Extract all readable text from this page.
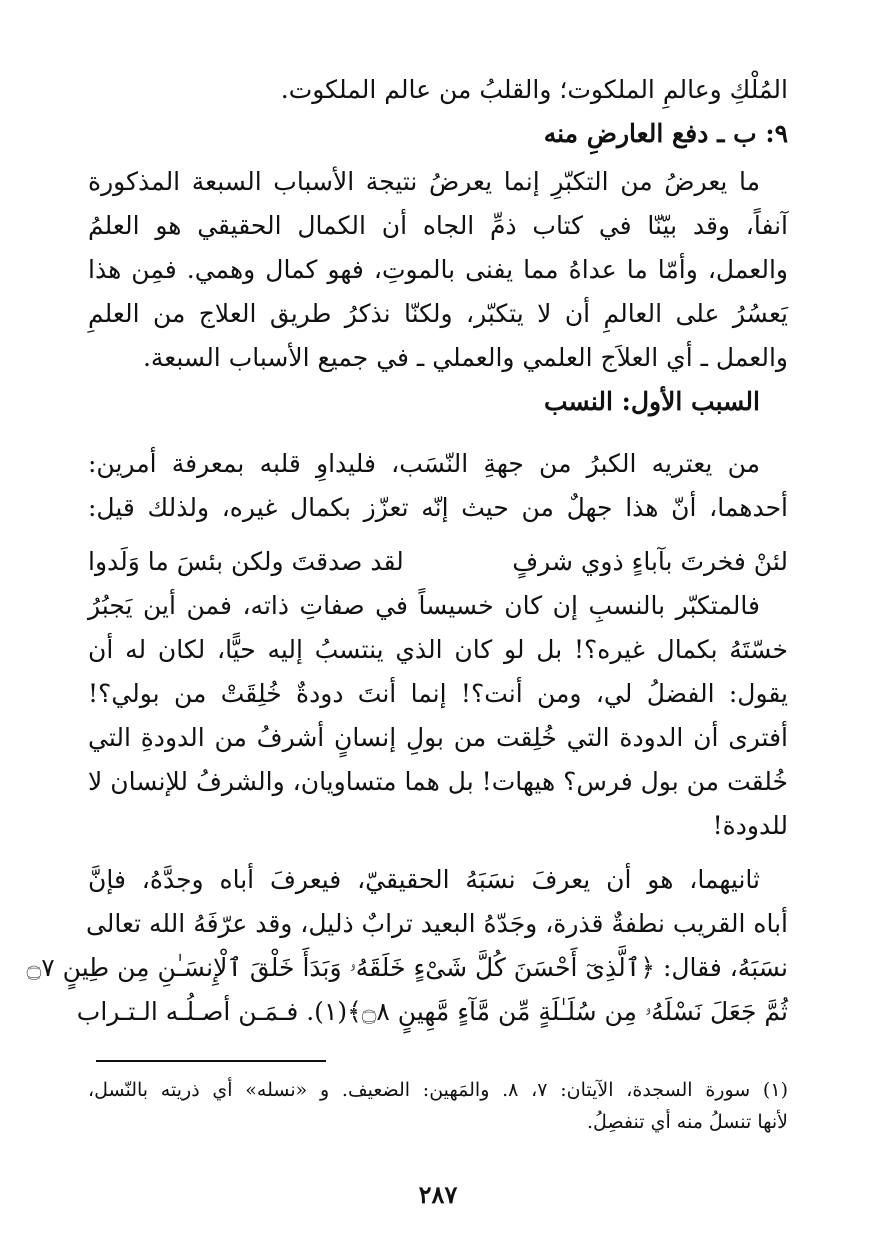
المُلْكِ وعالمِ الملكوت؛ والقلبُ من عالم الملكوت.
٩: ب ـ دفع العارضِ منه
ما يعرضُ من التكبّرِ إنما يعرضُ نتيجة الأسباب السبعة المذكورة
آنفاً، وقد بيّنّا في كتاب ذمِّ الجاه أن الكمال الحقيقي هو العلمُ
والعمل، وأمّا ما عداهُ مما يفنى بالموتِ، فهو كمال وهمي. فمِن هذا
يَعسُرُ على العالمِ أن لا يتكبّر، ولكنّا نذكرُ طريق العلاج من العلمِ
والعمل ـ أي العلاَج العلمي والعملي ـ في جميع الأسباب السبعة.
السبب الأول: النسب
من يعتريه الكبرُ من جهةِ النّسَب، فليداوِ قلبه بمعرفة أمرين:
أحدهما، أنّ هذا جهلٌ من حيث إنّه تعزّز بكمال غيره، ولذلك قيل:
لئنْ فخرتَ بآباءٍ ذوي شرفٍ
لقد صدقتَ ولكن بئسَ ما وَلَدوا
فالمتكبّر بالنسبِ إن كان خسيساً في صفاتِ ذاته، فمن أين يَجبُرُ
خسّتَهُ بكمال غيره؟! بل لو كان الذي ينتسبُ إليه حيًّا، لكان له أن
يقول: الفضلُ لي، ومن أنت؟! إنما أنتَ دودةٌ خُلِقَتْ من بولي؟!
أفترى أن الدودة التي خُلِقت من بولِ إنسانٍ أشرفُ من الدودةِ التي
خُلقت من بول فرس؟ هيهات! بل هما متساويان، والشرفُ للإنسان لا
للدودة!
ثانيهما، هو أن يعرفَ نسَبَهُ الحقيقيّ، فيعرفَ أباه وجدَّهُ، فإنَّ
أباه القريب نطفةٌ قذرة، وجَدّهُ البعيد ترابٌ ذليل، وقد عرّفَهُ الله تعالى
نسَبَهُ، فقال: ﴿ٱلَّذِىٓ أَحْسَنَ كُلَّ شَىْءٍ خَلَقَهُۥ وَبَدَأَ خَلْقَ ٱلْإِنسَـٰنِ مِن طِينٍ ۝٧
ثُمَّ جَعَلَ نَسْلَهُۥ مِن سُلَـٰلَةٍ مِّن مَّآءٍ مَّهِينٍ ۝٨﴾(١). فـمَـن أصـلُـه الـتـراب
(١) سورة السجدة، الآيتان: ٧، ٨. والمَهين: الضعيف. و «نسله» أي ذريته بالنّسل،
لأنها تنسلُ منه أي تنفصِلُ.
٢٨٧
